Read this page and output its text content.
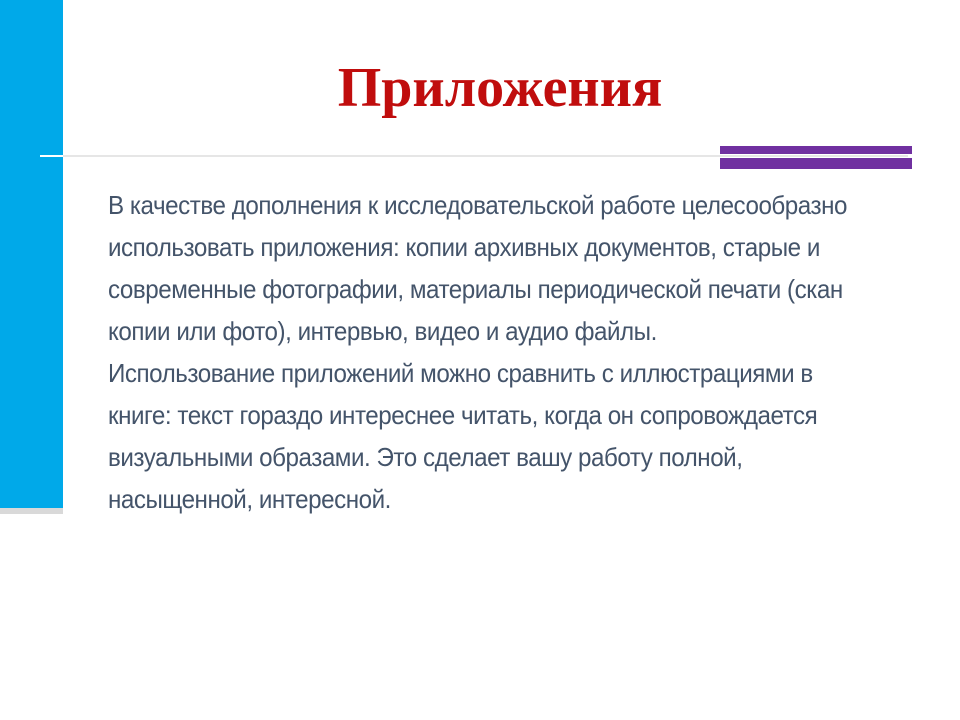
Приложения
В качестве дополнения к исследовательской работе целесообразно
использовать приложения: копии архивных документов, старые и
современные фотографии, материалы периодической печати (скан
копии или фото), интервью, видео и аудио файлы.
Использование приложений можно сравнить с иллюстрациями в
книге: текст гораздо интереснее читать, когда он сопровождается
визуальными образами. Это сделает вашу работу полной,
насыщенной, интересной.
